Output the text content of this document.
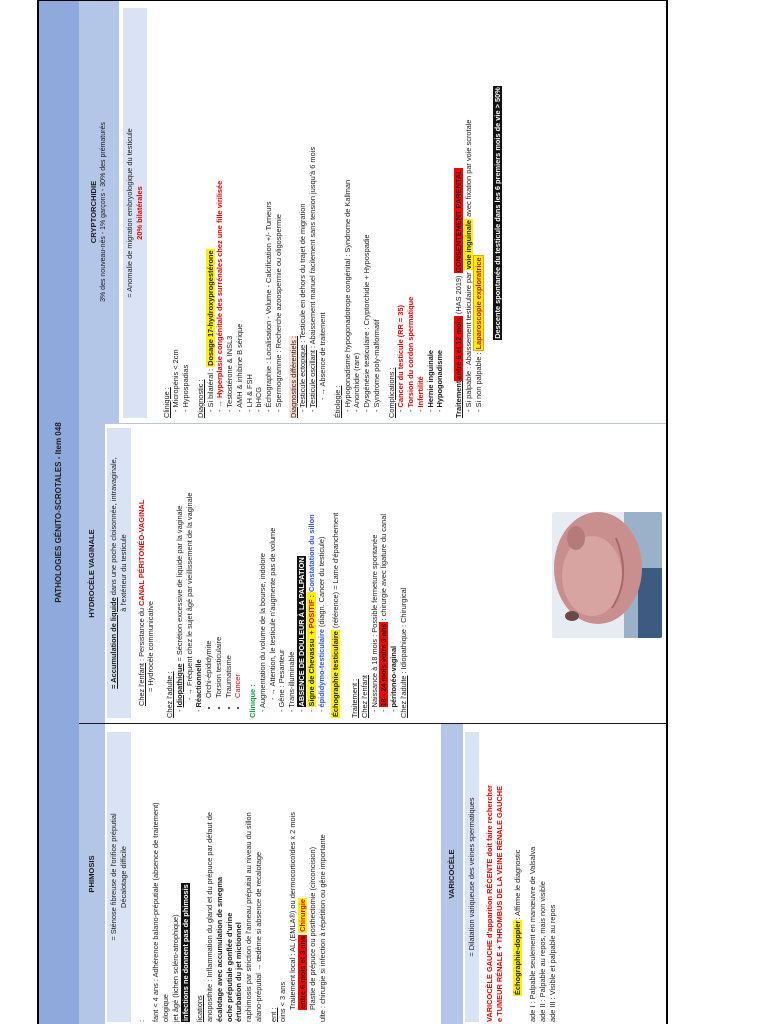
PATHOLOGIES GÉNITO-SCROTALES - Item 048
PHIMOSIS
HYDROCÈLE VAGINALE
CRYPTORCHIDIE 3% des nouveau-nés - 1% garçons - 30% des prématurés
= Sténose fibreuse de l'orifice préputial Décalotage difficile
: fant < 4 ans : Adhérence balano-préputiale (absence de traitement) ologique jet âgé (lichen scléro-atrophique) infections ne donnent pas de phimosis lications anoposthite : Inflammation du gland et du prépuce par défaut de écalotage avec accumulation de smegma oche préputiale gonflée d'urine érturbation du jet mictionnel raphimosis par striction de l'anneau préputial au niveau du sillon alano-préputial → œdème si absence de recalotage ent : oins < 3 ans Traitement local : AL (EMLA®) ou dermocorticoïdes x 2 mois entre 6 mois et 3 ans Chirurgie Plastie de prépuce ou posthectomie (circoncision) ulte : chirurgie si infection à répétition ou gêne importante	VARICOCÈLE = Dilatation variqueuse des veines spermatiques	VARICOCÈLE GAUCHE d'apparition RÉCENTE doit faire rechercher e TUMEUR RÉNALE + THROMBUS DE LA VEINE RÉNALE GAUCHE Échographie-doppler: Affirme le diagnostic ade I : Palpable seulement en manœuvre de Valsalva ade II : Palpable au repos, mais non visible ade III : Visible et palpable au repos
= Accumulation de liquide dans une poche cloisonnée, intravaginale, à l'extérieur du testicule
Chez l'enfant : Persistance du CANAL PÉRITONÉO-VAGINAL
= Hydrocèle communicative
Chez l'adulte : - Idiopathique = Sécrétion excessive de liquide par la vaginale - → Fréquent chez le sujet âgé par vieillissement de la vaginale - Réactionnelle • Orchi-épididymite • Torsion testiculaire • Traumatisme • Cancer Clinique : - Augmentation du volume de la bourse, indolore - → Attention, le testicule n'augmente pas de volume - Gêne : Pesanteur - Trans-illuminable - ABSENCE DE DOULEUR À LA PALPATION - Signe de Chevassu + POSITIF : Constatation du sillon
- épididymo-testiculaire (diagn. Cancer du testicule)
Échographie testiculaire (référence) = Lame d'épanchement
Traitement : Chez l'enfant - Naissance à 18 mois : Possible fermeture spontanée - 18 - 24 mois voire 3 ans : chirurgie avec ligature du canal
- péritonéo-vaginal Chez l'adulte : Idiopathique : Chirurgical
= Anomalie de migration embryologique du testicule 20% bilatérales
Clinique : - Micropénis < 2cm - Hypospadias Diagnostic : - Si bilatéral : Dosage 17-hydroxyprogestérone - → Hyperplasie congénitale des surrénales chez une fille virilisée - Testostérone & INSL3 - AMH & inhibine B sérique - LH & FSH - bHCG - Échographie : Localisation - Volume - Calcification +/- Tumeurs - Spermogramme : Recherche azoospermie ou oligospermie Diagnostics différentiels : - Testicule ectopique : Testicule en dehors du trajet de migration
- Testicule oscillant : Abaissement manuel facilement sans tension jusqu'à 6 mois
- → Absence de traitement
Étiologie : - Hypogonadisme hypogonadotrope congénital : Syndrome de Kallman - Anorchidie (rare) - Dysgénésie testiculaire : Cryptorchidie + Hypospadie - Syndrome poly-malformatif Complications : - Cancer du testicule (RR = 35) - Torsion du cordon spermatique - Infertilité - Hernie inguinale - Hypogonadisme Traitemententre 6 et 12 mois (HAS 2019) CONSENTEMENT PARENTAL
- Si palpable : Abaissement testiculaire par voie inguinale avec fixation par voie scrotale
- Si non palpable : Laparoscopie exploratrice Descente spontanée du testicule dans les 6 premiers mois de vie > 50%
